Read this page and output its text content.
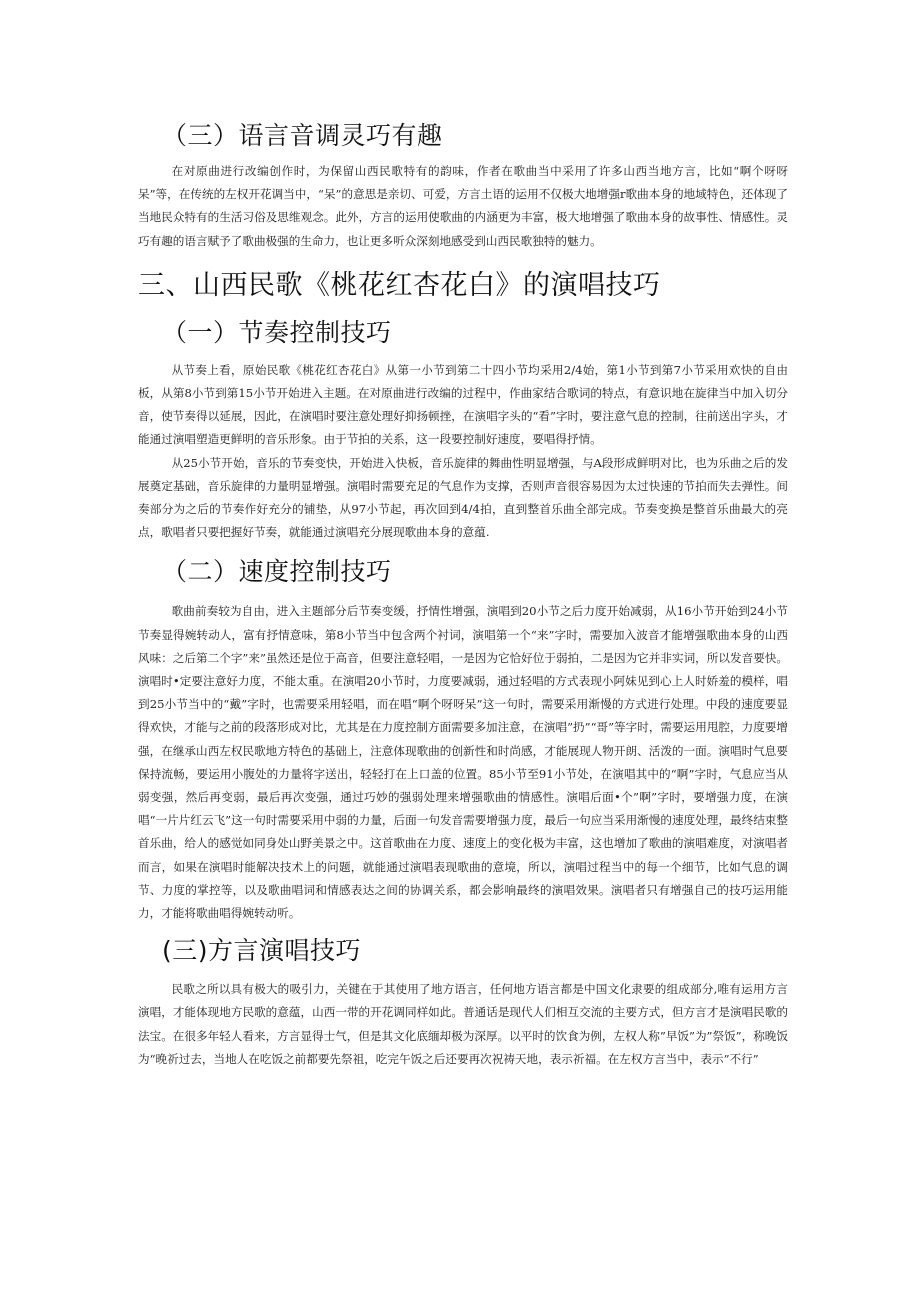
（三）语言音调灵巧有趣

在对原曲进行改编创作时，为保留山西民歌特有的韵味，作者在歌曲当中采用了许多山西当地方言，比如“啊个呀呀呆”等，在传统的左权开花调当中，“呆”的意思是亲切、可爱，方言土语的运用不仅极大地增强r歌曲本身的地域特色，还体现了当地民众特有的生活习俗及思维观念。此外，方言的运用使歌曲的内涵更为丰富，极大地增强了歌曲本身的故事性、情感性。灵巧有趣的语言赋予了歌曲极强的生命力，也让更多听众深刻地感受到山西民歌独特的魅力。

三、山西民歌《桃花红杏花白》的演唱技巧
（一）节奏控制技巧

从节奏上看，原始民歌《桃花红杏花白》从第一小节到第二十四小节均采用2/4始，第1小节到第7小节采用欢快的自由板，从第8小节到第15小节开始进入主题。在对原曲进行改编的过程中，作曲家结合歌词的特点，有意识地在旋律当中加入切分音，使节奏得以延展，因此，在演唱时要注意处理好抑扬顿挫，在演唱字头的“看”字时，要注意气息的控制，往前送出字头，才能通过演唱塑造更鲜明的音乐形象。由于节拍的关系，这一段要控制好速度，要唱得抒情。

从25小节开始，音乐的节奏变快，开始进入快板，音乐旋律的舞曲性明显增强，与A段形成鲜明对比，也为乐曲之后的发展奠定基础，音乐旋律的力量明显增强。演唱时需要充足的气息作为支撑，否则声音很容易因为太过快速的节拍而失去弹性。间奏部分为之后的节奏作好充分的铺垫，从97小节起，再次回到4/4拍，直到整首乐曲全部完成。节奏变换是整首乐曲最大的亮点，歌唱者只要把握好节奏，就能通过演唱充分展现歌曲本身的意蕴.

（二）速度控制技巧

歌曲前奏较为自由，进入主题部分后节奏变缓，抒情性增强，演唱到20小节之后力度开始减弱，从16小节开始到24小节节奏显得婉转动人，富有抒情意味，第8小节当中包含两个衬词，演唱第一个“来”字时，需要加入波音才能增强歌曲本身的山西风味：之后第二个字”来”虽然还是位于高音，但要注意轻唱，一是因为它恰好位于弱拍，二是因为它并非实词，所以发音要快。演唱时•定要注意好力度，不能太重。在演唱20小节时，力度要减弱，通过轻唱的方式表现小阿妹见到心上人时娇羞的模样，唱到25小节当中的“戴”字时，也需要采用轻唱，而在唱“啊个呀呀呆”这一句时，需要采用渐慢的方式进行处理。中段的速度要显得欢快，才能与之前的段落形成对比，尤其是在力度控制方面需要多加注意，在演唱”扔”“哥”等字时，需要运用甩腔，力度要增强，在继承山西左权民歌地方特色的基础上，注意体现歌曲的创新性和时尚感，才能展现人物开朗、活泼的一面。演唱时气息要保持流畅，要运用小腹处的力量将字送出，轻轻打在上口盖的位置。85小节至91小节处，在演唱其中的“啊”字时，气息应当从弱变强，然后再变弱，最后再次变强，通过巧妙的强弱处理来增强歌曲的情感性。演唱后面•个”啊”字时，要增强力度，在演唱“一片片红云飞”这一句时需要采用中弱的力量，后面一句发音需要增强力度，最后一句应当采用渐慢的速度处理，最终结束整首乐曲，给人的感觉如同身处山野美景之中。这首歌曲在力度、速度上的变化极为丰富，这也增加了歌曲的演唱难度，对演唱者而言，如果在演唱时能解决技术上的问题，就能通过演唱表现歌曲的意境，所以，演唱过程当中的每一个细节，比如气息的调节、力度的掌控等，以及歌曲唱词和情感表达之间的协调关系，都会影响最终的演唱效果。演唱者只有增强自己的技巧运用能力，才能将歌曲唱得婉转动听。

(三)方言演唱技巧

民歌之所以具有极大的吸引力，关键在于其使用了地方语言，任何地方语言都是中国文化隶要的组成部分,唯有运用方言演唱，才能体现地方民歌的意蕴，山西一带的开花调同样如此。普通话是现代人们相互交流的主要方式，但方言才是演唱民歌的法宝。在很多年轻人看来，方言显得士气，但是其文化底缅却极为深厚。以平时的饮食为例，左权人称”早饭”为”祭饭”，称晚饭为“晚祈过去，当地人在吃饭之前都要先祭祖，吃完午饭之后还要再次祝祷天地，表示祈福。在左权方言当中，表示”不行”
